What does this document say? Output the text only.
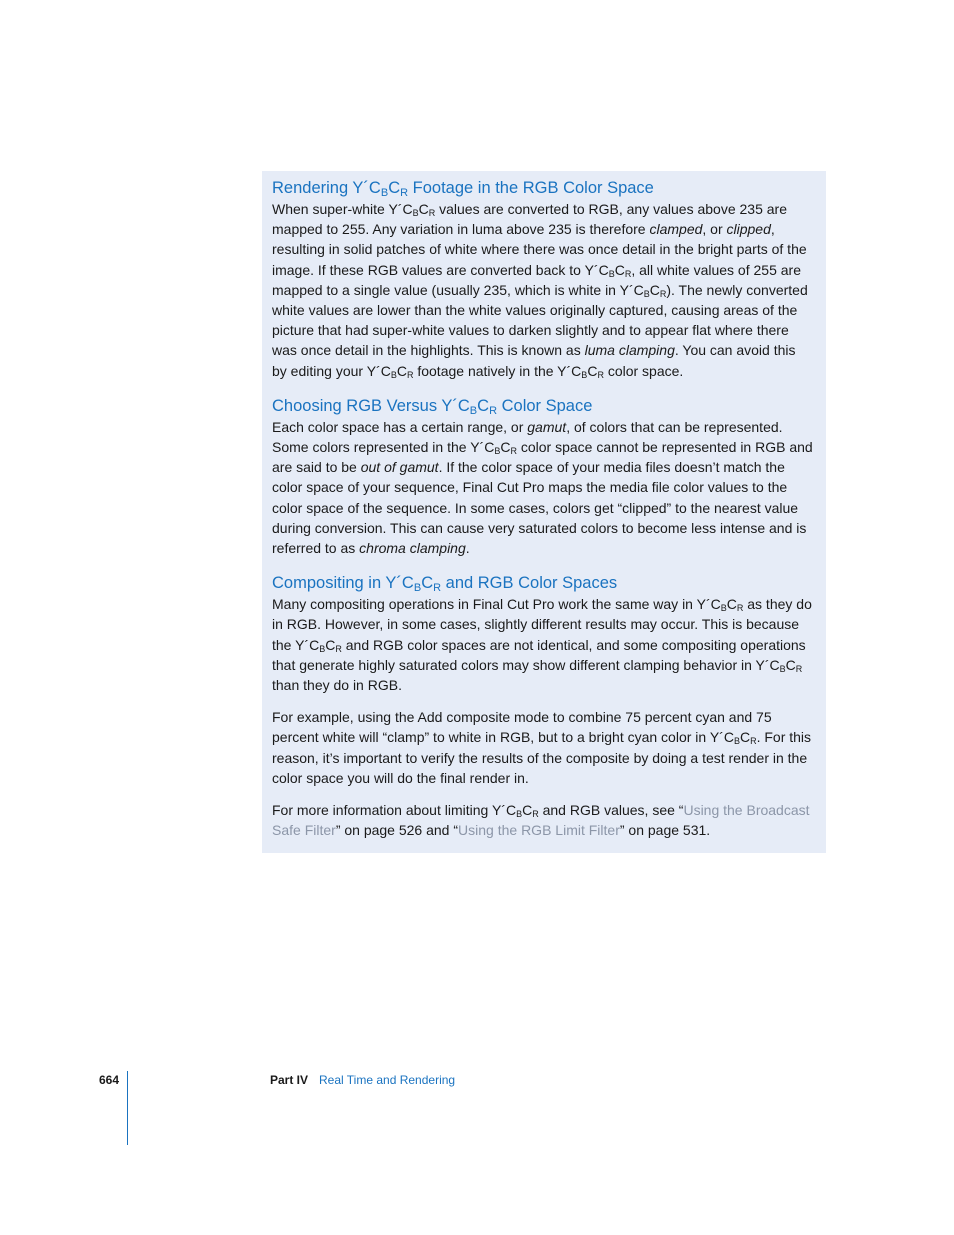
Rendering $Y´C_BC_R$ Footage in the RGB Color Space

When super-white $Y´C_BC_R$ values are converted to RGB, any values above 235 are mapped to 255. Any variation in luma above 235 is therefore clamped, or clipped, resulting in solid patches of white where there was once detail in the bright parts of the image. If these RGB values are converted back to $Y´C_BC_R$, all white values of 255 are mapped to a single value (usually 235, which is white in $Y´C_BC_R$). The newly converted white values are lower than the white values originally captured, causing areas of the picture that had super-white values to darken slightly and to appear flat where there was once detail in the highlights. This is known as luma clamping. You can avoid this by editing your $Y´C_BC_R$ footage natively in the $Y´C_BC_R$ color space.

Choosing RGB Versus $Y´C_BC_R$ Color Space

Each color space has a certain range, or gamut, of colors that can be represented. Some colors represented in the $Y´C_BC_R$ color space cannot be represented in RGB and are said to be out of gamut. If the color space of your media files doesn’t match the color space of your sequence, Final Cut Pro maps the media file color values to the color space of the sequence. In some cases, colors get “clipped” to the nearest value during conversion. This can cause very saturated colors to become less intense and is referred to as chroma clamping.

Compositing in $Y´C_BC_R$ and RGB Color Spaces

Many compositing operations in Final Cut Pro work the same way in $Y´C_BC_R$ as they do in RGB. However, in some cases, slightly different results may occur. This is because the $Y´C_BC_R$ and RGB color spaces are not identical, and some compositing operations that generate highly saturated colors may show different clamping behavior in $Y´C_BC_R$ than they do in RGB.

For example, using the Add composite mode to combine 75 percent cyan and 75 percent white will “clamp” to white in RGB, but to a bright cyan color in $Y´C_BC_R$. For this reason, it’s important to verify the results of the composite by doing a test render in the color space you will do the final render in.

For more information about limiting $Y´C_BC_R$ and RGB values, see “Using the Broadcast Safe Filter” on page 526 and “Using the RGB Limit Filter” on page 531.

664	Part IV Real Time and Rendering
